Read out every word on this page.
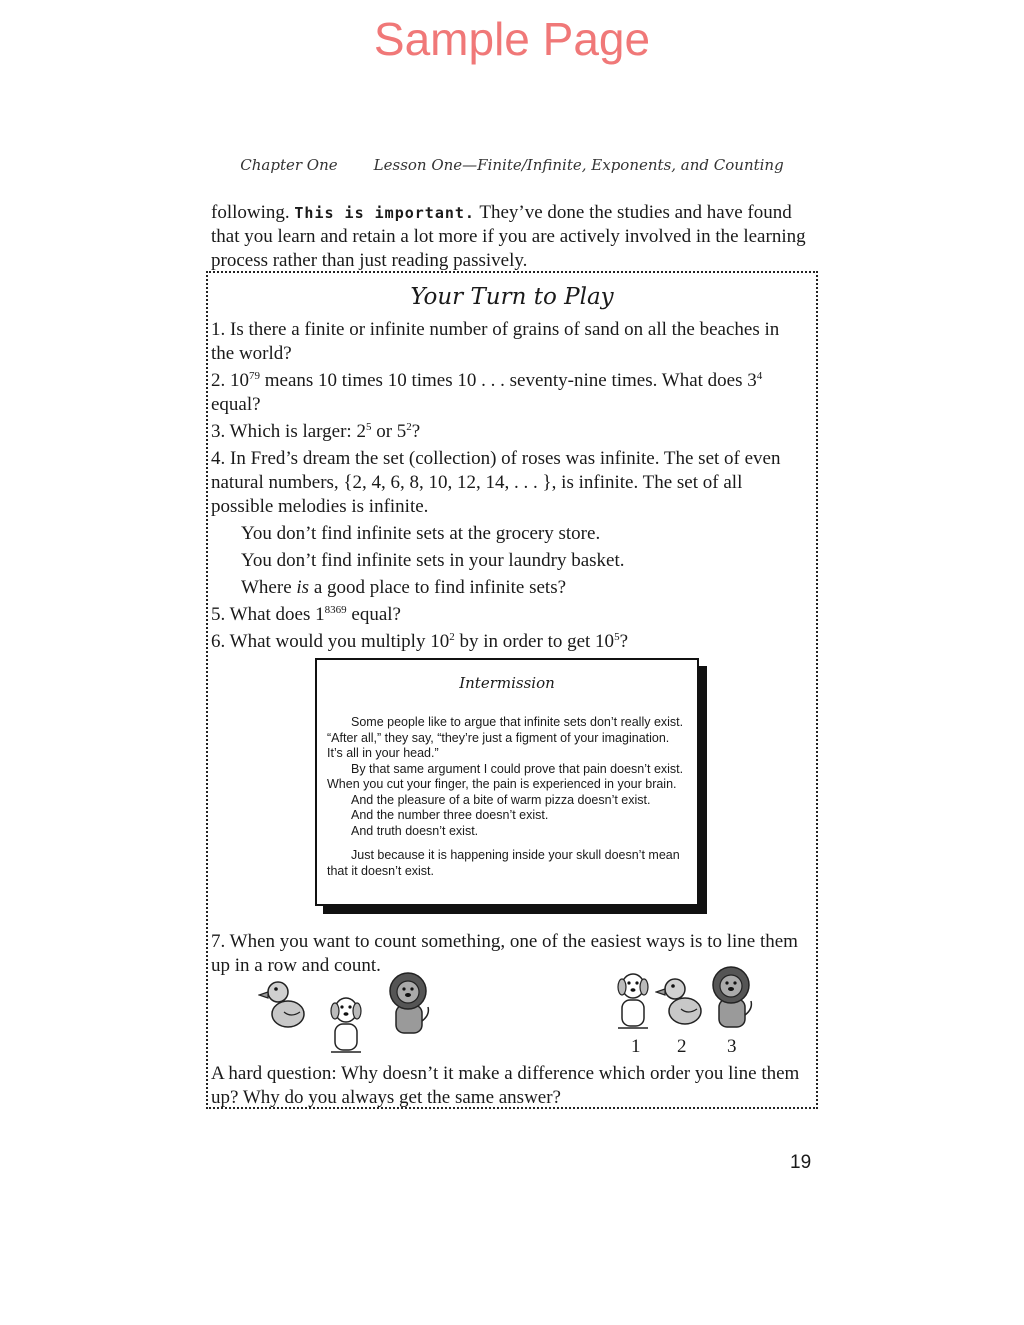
Sample Page
Chapter One Lesson One—Finite/Infinite, Exponents, and Counting
following. This is important. They’ve done the studies and have found that you learn and retain a lot more if you are actively involved in the learning process rather than just reading passively.
Your Turn to Play
1. Is there a finite or infinite number of grains of sand on all the beaches in the world?
2. $10^{79}$ means 10 times 10 times 10 . . . seventy-nine times. What does $3^4$ equal?
3. Which is larger: $2^5$ or $5^2$?
4. In Fred’s dream the set (collection) of roses was infinite. The set of even natural numbers, {2, 4, 6, 8, 10, 12, 14, . . . }, is infinite. The set of all possible melodies is infinite.
You don’t find infinite sets at the grocery store.
You don’t find infinite sets in your laundry basket.
Where is a good place to find infinite sets?
5. What does $1^{8369}$ equal?
6. What would you multiply $10^2$ by in order to get $10^5$?
Intermission

Some people like to argue that infinite sets don’t really exist. “After all,” they say, “they’re just a figment of your imagination. It’s all in your head.”

By that same argument I could prove that pain doesn’t exist. When you cut your finger, the pain is experienced in your brain.

And the pleasure of a bite of warm pizza doesn’t exist.

And the number three doesn’t exist.

And truth doesn’t exist.

Just because it is happening inside your skull doesn’t mean that it doesn’t exist.

7. When you want to count something, one of the easiest ways is to line them up in a row and count.
1 2 3
A hard question: Why doesn’t it make a difference which order you line them up? Why do you always get the same answer?
19
